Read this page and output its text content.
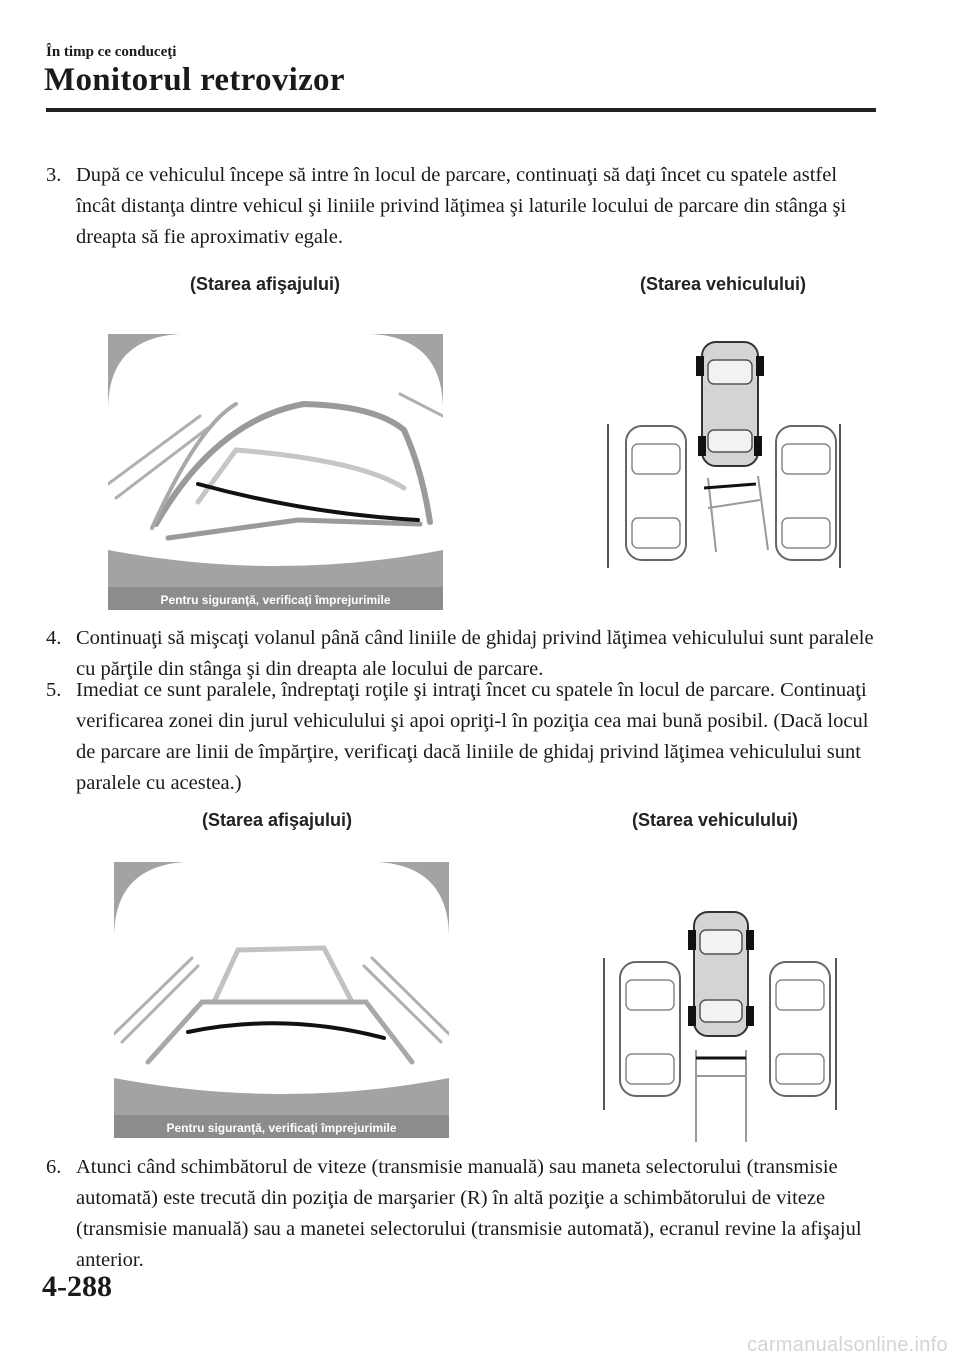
În timp ce conduceţi
Monitorul retrovizor
3. După ce vehiculul începe să intre în locul de parcare, continuaţi să daţi încet cu spatele astfel încât distanţa dintre vehicul şi liniile privind lăţimea şi laturile locului de parcare din stânga şi dreapta să fie aproximativ egale.
(Starea afişajului)	(Starea vehiculului)
Pentru siguranţă, verificaţi împrejurimile
4. Continuaţi să mişcaţi volanul până când liniile de ghidaj privind lăţimea vehiculului sunt paralele cu părţile din stânga şi din dreapta ale locului de parcare.
5. Imediat ce sunt paralele, îndreptaţi roţile şi intraţi încet cu spatele în locul de parcare. Continuaţi verificarea zonei din jurul vehiculului şi apoi opriţi-l în poziţia cea mai bună posibil. (Dacă locul de parcare are linii de împărţire, verificaţi dacă liniile de ghidaj privind lăţimea vehiculului sunt paralele cu acestea.)
(Starea afişajului)	(Starea vehiculului)
Pentru siguranţă, verificaţi împrejurimile
6. Atunci când schimbătorul de viteze (transmisie manuală) sau maneta selectorului (transmisie automată) este trecută din poziţia de marşarier (R) în altă poziţie a schimbătorului de viteze (transmisie manuală) sau a manetei selectorului (transmisie automată), ecranul revine la afişajul anterior.
4-288
carmanualsonline.info
